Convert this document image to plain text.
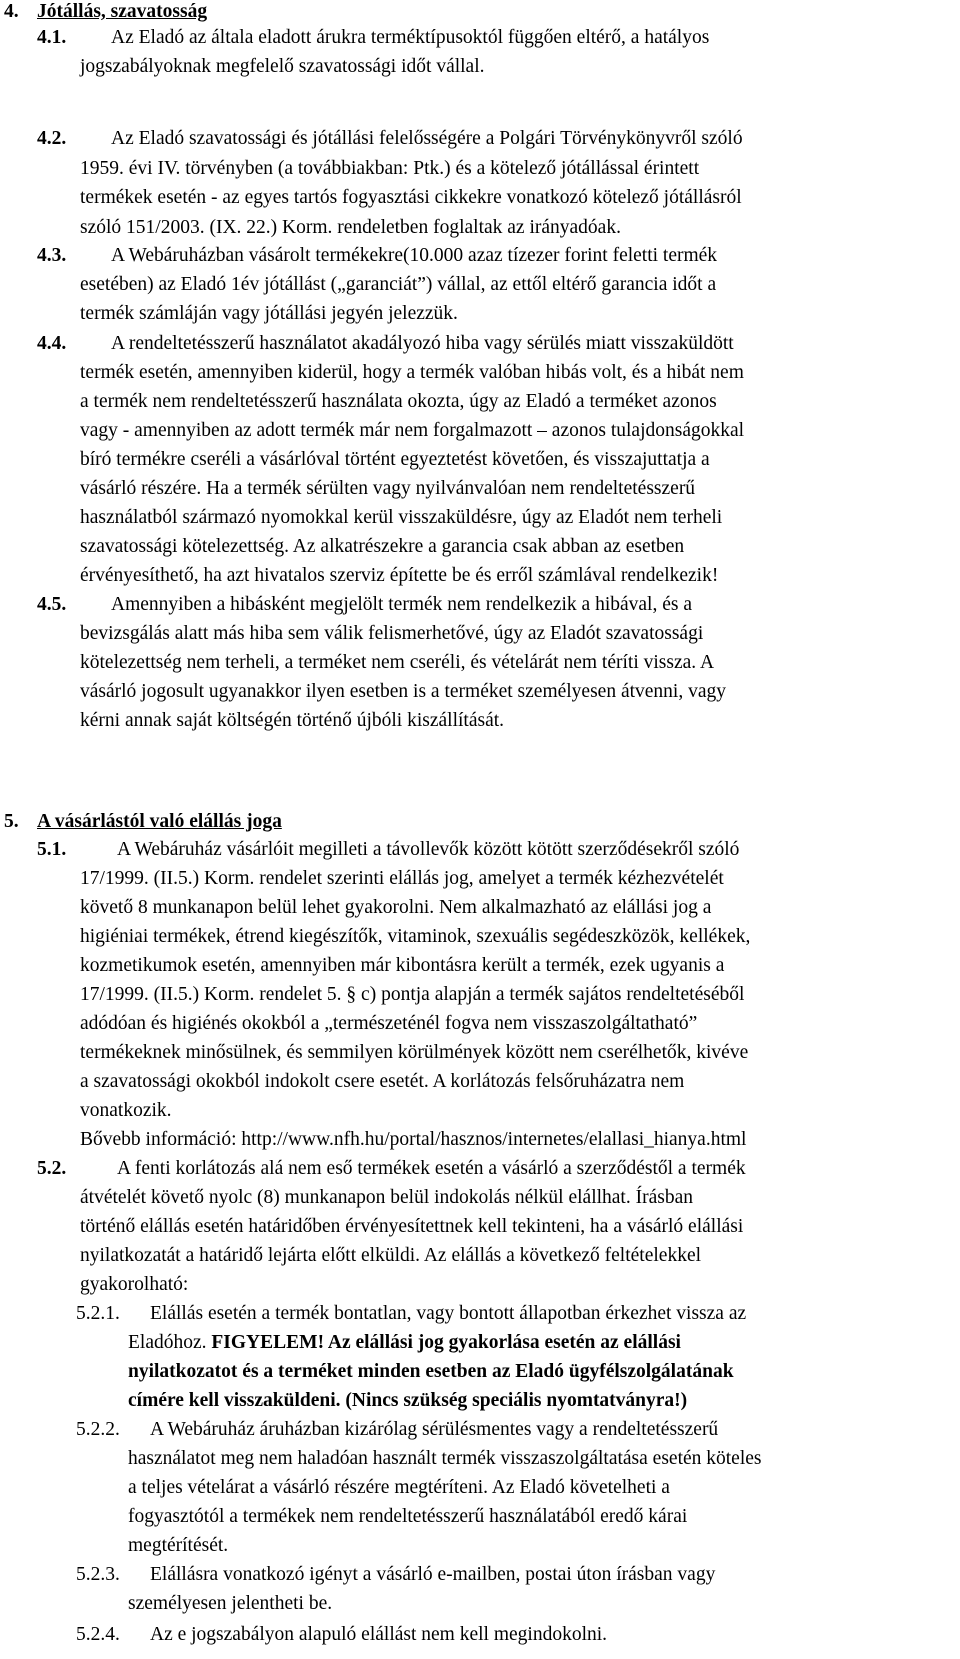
4. Jótállás, szavatosság
4.1. Az Eladó az általa eladott árukra terméktípusoktól függően eltérő, a hatályos
jogszabályoknak megfelelő szavatossági időt vállal.
4.2. Az Eladó szavatossági és jótállási felelősségére a Polgári Törvénykönyvről szóló
1959. évi IV. törvényben (a továbbiakban: Ptk.) és a kötelező jótállással érintett
termékek esetén - az egyes tartós fogyasztási cikkekre vonatkozó kötelező jótállásról
szóló 151/2003. (IX. 22.) Korm. rendeletben foglaltak az irányadóak.
4.3. A Webáruházban vásárolt termékekre(10.000 azaz tízezer forint feletti termék
esetében) az Eladó 1év jótállást („garanciát”) vállal, az ettől eltérő garancia időt a
termék számláján vagy jótállási jegyén jelezzük.
4.4. A rendeltetésszerű használatot akadályozó hiba vagy sérülés miatt visszaküldött
termék esetén, amennyiben kiderül, hogy a termék valóban hibás volt, és a hibát nem
a termék nem rendeltetésszerű használata okozta, úgy az Eladó a terméket azonos
vagy - amennyiben az adott termék már nem forgalmazott – azonos tulajdonságokkal
bíró termékre cseréli a vásárlóval történt egyeztetést követően, és visszajuttatja a
vásárló részére. Ha a termék sérülten vagy nyilvánvalóan nem rendeltetésszerű
használatból származó nyomokkal kerül visszaküldésre, úgy az Eladót nem terheli
szavatossági kötelezettség. Az alkatrészekre a garancia csak abban az esetben
érvényesíthető, ha azt hivatalos szerviz építette be és erről számlával rendelkezik!
4.5. Amennyiben a hibásként megjelölt termék nem rendelkezik a hibával, és a
bevizsgálás alatt más hiba sem válik felismerhetővé, úgy az Eladót szavatossági
kötelezettség nem terheli, a terméket nem cseréli, és vételárát nem téríti vissza. A
vásárló jogosult ugyanakkor ilyen esetben is a terméket személyesen átvenni, vagy
kérni annak saját költségén történő újbóli kiszállítását.
5. A vásárlástól való elállás joga
5.1.	A Webáruház vásárlóit megilleti a távollevők között kötött szerződésekről szóló
17/1999. (II.5.) Korm. rendelet szerinti elállás jog, amelyet a termék kézhezvételét
követő 8 munkanapon belül lehet gyakorolni. Nem alkalmazható az elállási jog a
higiéniai termékek, étrend kiegészítők, vitaminok, szexuális segédeszközök, kellékek,
kozmetikumok esetén, amennyiben már kibontásra került a termék, ezek ugyanis a
17/1999. (II.5.) Korm. rendelet 5. § c) pontja alapján a termék sajátos rendeltetéséből
adódóan és higiénés okokból a „természeténél fogva nem visszaszolgáltatható”
termékeknek minősülnek, és semmilyen körülmények között nem cserélhetők, kivéve
a szavatossági okokból indokolt csere esetét. A korlátozás felsőruházatra nem
vonatkozik.
Bővebb információ: http://www.nfh.hu/portal/hasznos/internetes/elallasi_hianya.html
5.2.	A fenti korlátozás alá nem eső termékek esetén a vásárló a szerződéstől a termék
átvételét követő nyolc (8) munkanapon belül indokolás nélkül elállhat. Írásban
történő elállás esetén határidőben érvényesítettnek kell tekinteni, ha a vásárló elállási
nyilatkozatát a határidő lejárta előtt elküldi. Az elállás a következő feltételekkel
gyakorolható:
5.2.1. Elállás esetén a termék bontatlan, vagy bontott állapotban érkezhet vissza az
Eladóhoz. FIGYELEM! Az elállási jog gyakorlása esetén az elállási
nyilatkozatot és a terméket minden esetben az Eladó ügyfélszolgálatának
címére kell visszaküldeni. (Nincs szükség speciális nyomtatványra!)
5.2.2. A Webáruház áruházban kizárólag sérülésmentes vagy a rendeltetésszerű
használatot meg nem haladóan használt termék visszaszolgáltatása esetén köteles
a teljes vételárat a vásárló részére megtéríteni. Az Eladó követelheti a
fogyasztótól a termékek nem rendeltetésszerű használatából eredő kárai
megtérítését.
5.2.3. Elállásra vonatkozó igényt a vásárló e-mailben, postai úton írásban vagy
személyesen jelentheti be.
5.2.4. Az e jogszabályon alapuló elállást nem kell megindokolni.
